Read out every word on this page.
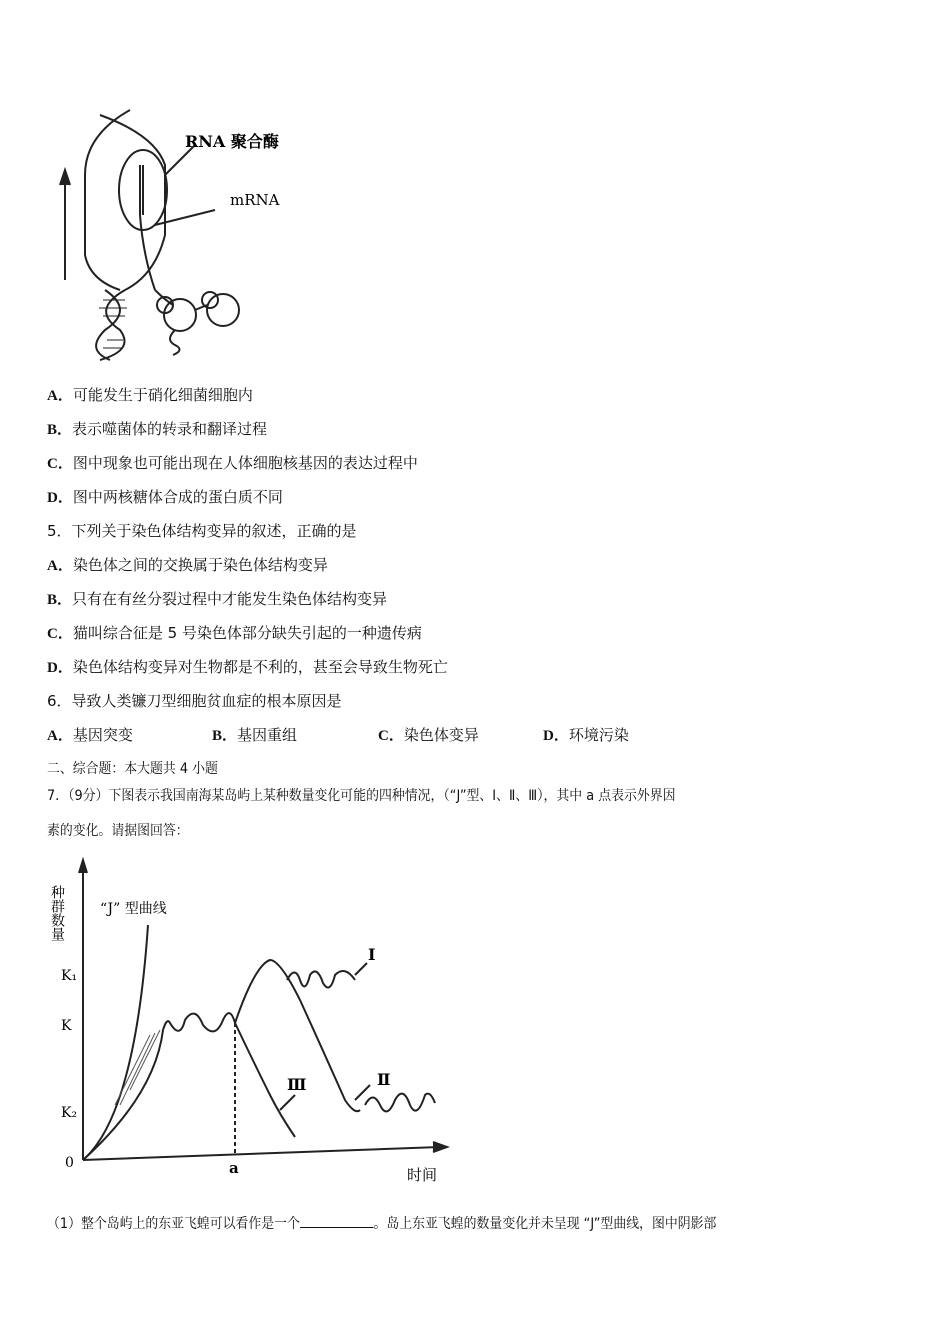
RNA 聚合酶
mRNA
A．可能发生于硝化细菌细胞内
B．表示噬菌体的转录和翻译过程
C．图中现象也可能出现在人体细胞核基因的表达过程中
D．图中两核糖体合成的蛋白质不同
5．下列关于染色体结构变异的叙述，正确的是
A．染色体之间的交换属于染色体结构变异
B．只有在有丝分裂过程中才能发生染色体结构变异
C．猫叫综合征是 5 号染色体部分缺失引起的一种遗传病
D．染色体结构变异对生物都是不利的，甚至会导致生物死亡
6．导致人类镰刀型细胞贫血症的根本原因是
A．基因突变	B．基因重组	C．染色体变异	D．环境污染
二、综合题：本大题共 4 小题
7．（9分）下图表示我国南海某岛屿上某种数量变化可能的四种情况，（“J”型、Ⅰ、Ⅱ、Ⅲ），其中 a 点表示外界因
素的变化。请据图回答：
种群数量	“J” 型曲线
K₁
K
K₂
0	a	时间
Ⅰ
Ⅱ
Ⅲ
（1）整个岛屿上的东亚飞蝗可以看作是一个	。岛上东亚飞蝗的数量变化并未呈现 “J”型曲线，图中阴影部
